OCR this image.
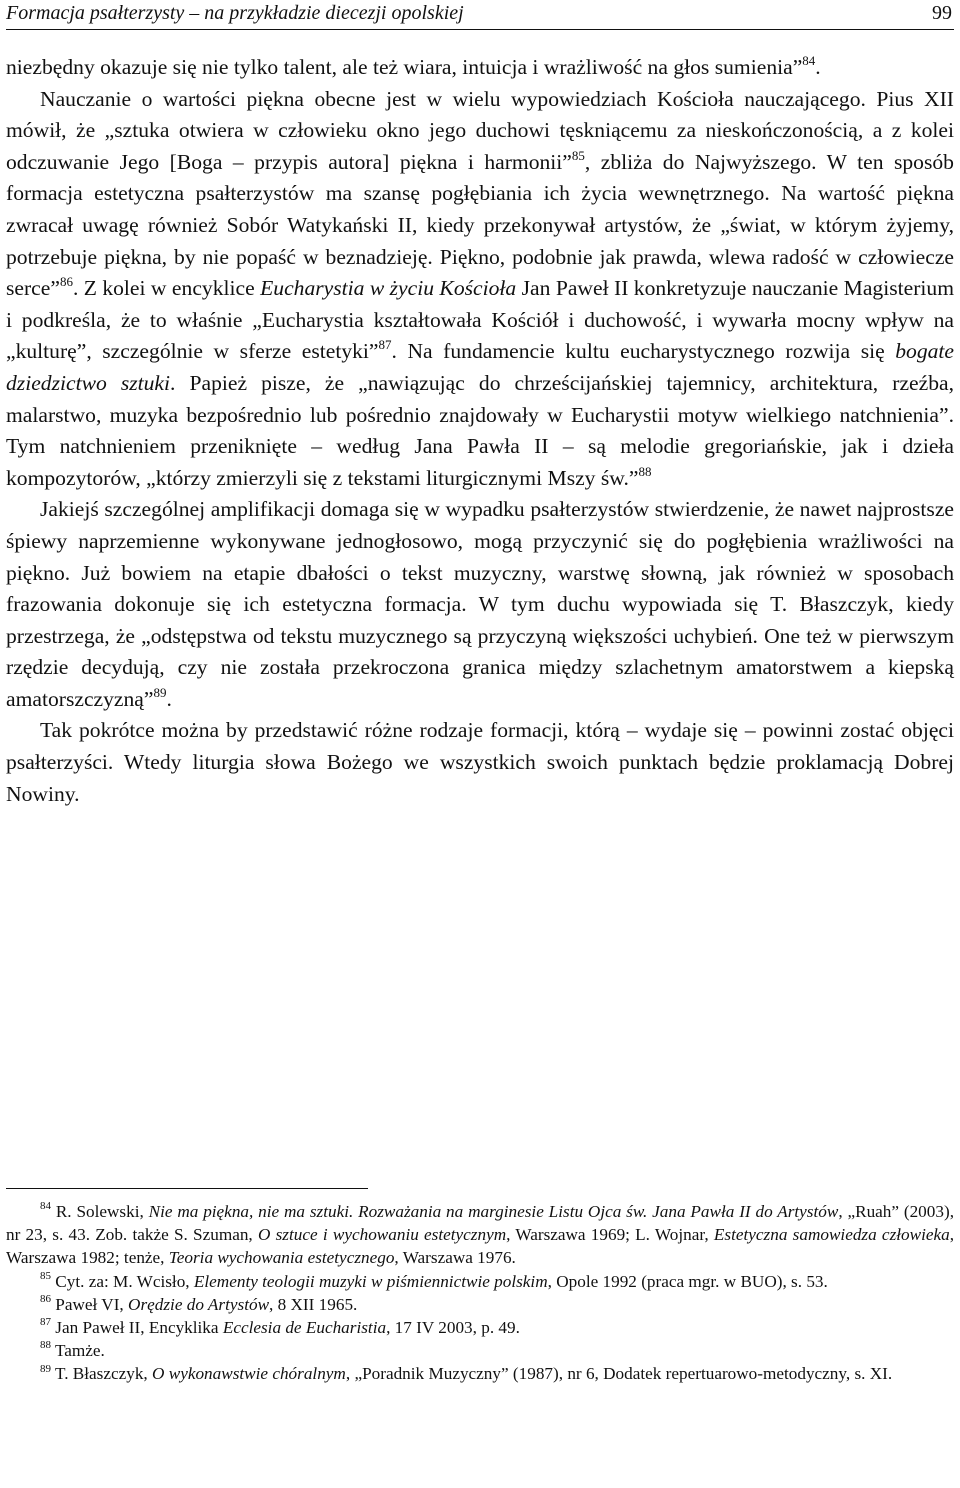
Formacja psałterzysty – na przykładzie diecezji opolskiej	99

niezbędny okazuje się nie tylko talent, ale też wiara, intuicja i wrażliwość na głos sumienia”$^{84}$.

Nauczanie o wartości piękna obecne jest w wielu wypowiedziach Kościoła nauczającego. Pius XII mówił, że „sztuka otwiera w człowieku okno jego duchowi tęskniącemu za nieskończonością, a z kolei odczuwanie Jego [Boga – przypis autora] piękna i harmonii”$^{85}$, zbliża do Najwyższego. W ten sposób formacja estetyczna psałterzystów ma szansę pogłębiania ich życia wewnętrznego. Na wartość piękna zwracał uwagę również Sobór Watykański II, kiedy przekonywał artystów, że „świat, w którym żyjemy, potrzebuje piękna, by nie popaść w beznadzieję. Piękno, podobnie jak prawda, wlewa radość w człowiecze serce”$^{86}$. Z kolei w encyklice Eucharystia w życiu Kościoła Jan Paweł II konkretyzuje nauczanie Magisterium i podkreśla, że to właśnie „Eucharystia kształtowała Kościół i duchowość, i wywarła mocny wpływ na „kulturę”, szczególnie w sferze estetyki”$^{87}$. Na fundamencie kultu eucharystycznego rozwija się bogate dziedzictwo sztuki. Papież pisze, że „nawiązując do chrześcijańskiej tajemnicy, architektura, rzeźba, malarstwo, muzyka bezpośrednio lub pośrednio znajdowały w Eucharystii motyw wielkiego natchnienia”. Tym natchnieniem przeniknięte – według Jana Pawła II – są melodie gregoriańskie, jak i dzieła kompozytorów, „którzy zmierzyli się z tekstami liturgicznymi Mszy św.”$^{88}$

Jakiejś szczególnej amplifikacji domaga się w wypadku psałterzystów stwierdzenie, że nawet najprostsze śpiewy naprzemienne wykonywane jednogłosowo, mogą przyczynić się do pogłębienia wrażliwości na piękno. Już bowiem na etapie dbałości o tekst muzyczny, warstwę słowną, jak również w sposobach frazowania dokonuje się ich estetyczna formacja. W tym duchu wypowiada się T. Błaszczyk, kiedy przestrzega, że „odstępstwa od tekstu muzycznego są przyczyną większości uchybień. One też w pierwszym rzędzie decydują, czy nie została przekroczona granica między szlachetnym amatorstwem a kiepską amatorszczyzną”$^{89}$.

Tak pokrótce można by przedstawić różne rodzaje formacji, którą – wydaje się – powinni zostać objęci psałterzyści. Wtedy liturgia słowa Bożego we wszystkich swoich punktach będzie proklamacją Dobrej Nowiny.

$^{84}$ R. Solewski, Nie ma piękna, nie ma sztuki. Rozważania na marginesie Listu Ojca św. Jana Pawła II do Artystów, „Ruah” (2003), nr 23, s. 43. Zob. także S. Szuman, O sztuce i wychowaniu estetycznym, Warszawa 1969; L. Wojnar, Estetyczna samowiedza człowieka, Warszawa 1982; tenże, Teoria wychowania estetycznego, Warszawa 1976.

$^{85}$ Cyt. za: M. Wcisło, Elementy teologii muzyki w piśmiennictwie polskim, Opole 1992 (praca mgr. w BUO), s. 53.

$^{86}$ Paweł VI, Orędzie do Artystów, 8 XII 1965.

$^{87}$ Jan Paweł II, Encyklika Ecclesia de Eucharistia, 17 IV 2003, p. 49.

$^{88}$ Tamże.

$^{89}$ T. Błaszczyk, O wykonawstwie chóralnym, „Poradnik Muzyczny” (1987), nr 6, Dodatek repertuarowo-metodyczny, s. XI.
